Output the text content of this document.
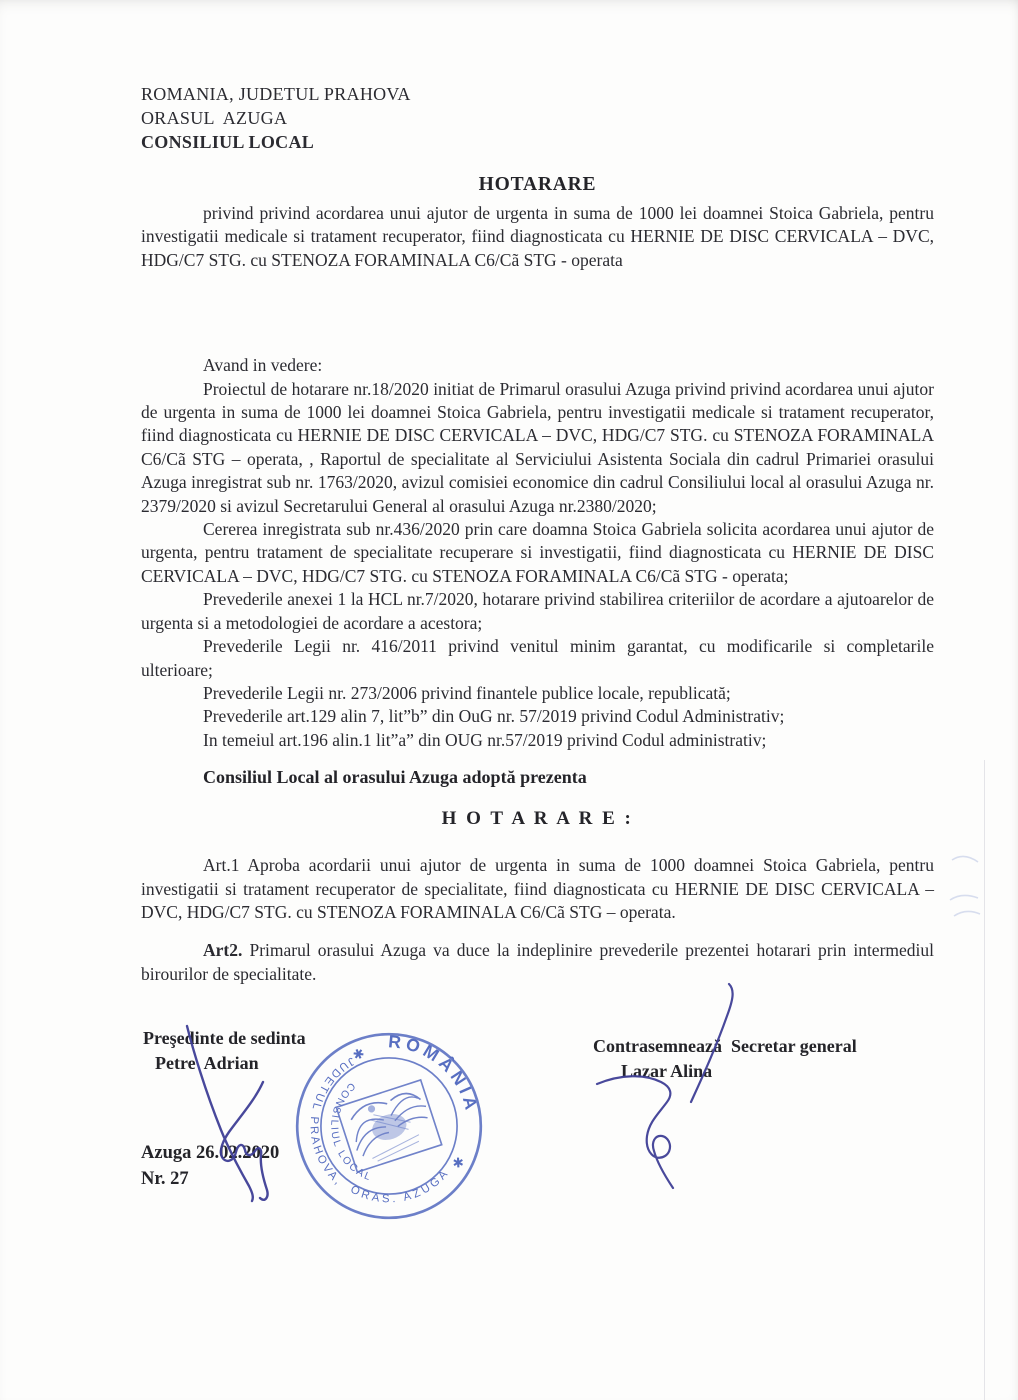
ROMANIA, JUDETUL PRAHOVA
ORASUL  AZUGA
CONSILIUL LOCAL
HOTARARE

privind privind acordarea unui ajutor de urgenta in suma de 1000 lei doamnei Stoica Gabriela, pentru investigatii medicale si tratament recuperator, fiind diagnosticata cu HERNIE DE DISC CERVICALA – DVC, HDG/C7 STG. cu STENOZA FORAMINALA C6/Cã STG - operata

Avand in vedere:

Proiectul de hotarare nr.18/2020 initiat de Primarul orasului Azuga privind privind acordarea unui ajutor de urgenta in suma de 1000 lei doamnei Stoica Gabriela, pentru investigatii medicale si tratament recuperator, fiind diagnosticata cu HERNIE DE DISC CERVICALA – DVC, HDG/C7 STG. cu STENOZA FORAMINALA C6/Cã STG – operata, , Raportul de specialitate al Serviciului Asistenta Sociala din cadrul Primariei orasului Azuga inregistrat sub nr. 1763/2020, avizul comisiei economice din cadrul Consiliului local al orasului Azuga nr. 2379/2020 si avizul Secretarului General al orasului Azuga nr.2380/2020;

Cererea inregistrata sub nr.436/2020 prin care doamna Stoica Gabriela solicita acordarea unui ajutor de urgenta, pentru tratament de specialitate recuperare si investigatii, fiind diagnosticata cu HERNIE DE DISC CERVICALA – DVC, HDG/C7 STG. cu STENOZA FORAMINALA C6/Cã STG - operata;

Prevederile anexei 1 la HCL nr.7/2020, hotarare privind stabilirea criteriilor de acordare a ajutoarelor de urgenta si a metodologiei de acordare a acestora;

Prevederile Legii nr. 416/2011 privind venitul minim garantat, cu modificarile si completarile ulterioare;

Prevederile Legii nr. 273/2006 privind finantele publice locale, republicată;

Prevederile art.129 alin 7, lit”b” din OuG nr. 57/2019 privind Codul Administrativ;

In temeiul art.196 alin.1 lit”a” din OUG nr.57/2019 privind Codul administrativ;

Consiliul Local al orasului Azuga adoptă prezenta

H O T A R A R E :

Art.1 Aproba acordarii unui ajutor de urgenta in suma de 1000 doamnei Stoica Gabriela, pentru investigatii si tratament recuperator de specialitate, fiind diagnosticata cu HERNIE DE DISC CERVICALA – DVC, HDG/C7 STG. cu STENOZA FORAMINALA C6/Cã STG – operata.

Art2. Primarul orasului Azuga va duce la indeplinire prevederile prezentei hotarari prin intermediul birourilor de specialitate.

Preşedinte de sedinta
Petre  Adrian
Azuga 26.02.2020
Nr. 27
Contrasemnează  Secretar general
Lazar Alina
ROMÂNIA
JUDETUL PRAHOVA,
CONSILIUL LOCAL
ORAS. AZUGA
✱
✱
